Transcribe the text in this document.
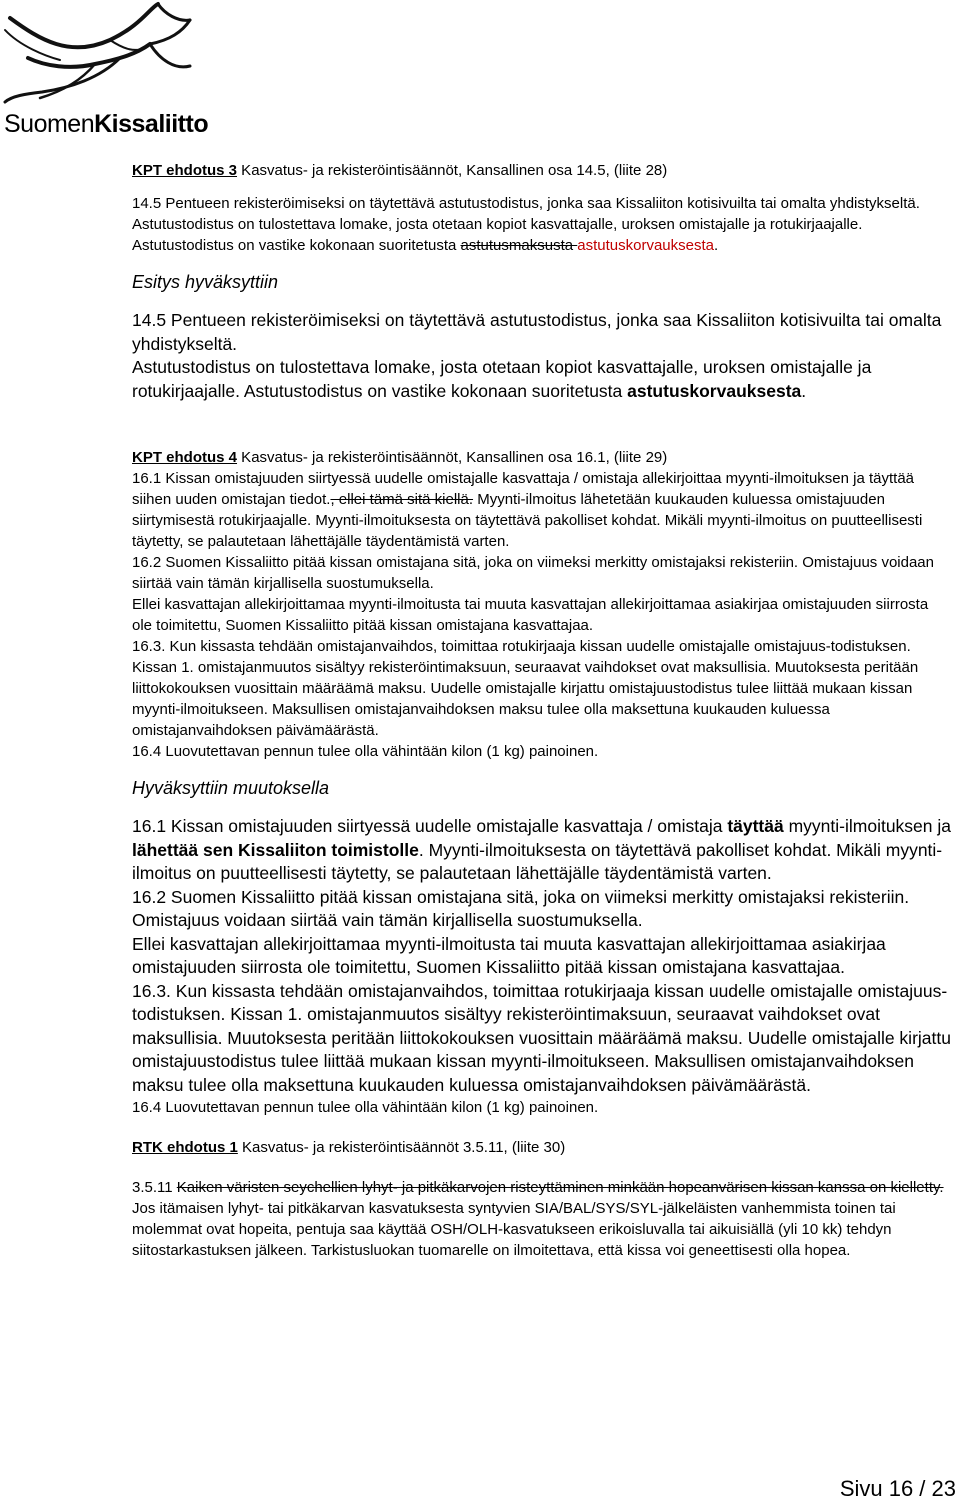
SuomenKissaliitto

KPT ehdotus 3 Kasvatus- ja rekisteröintisäännöt, Kansallinen osa 14.5, (liite 28)

14.5 Pentueen rekisteröimiseksi on täytettävä astutustodistus, jonka saa Kissaliiton kotisivuilta tai omalta yhdistykseltä.

Astutustodistus on tulostettava lomake, josta otetaan kopiot kasvattajalle, uroksen omistajalle ja rotukirjaajalle. Astutustodistus on vastike kokonaan suoritetusta astutusmaksusta astutuskorvauksesta.

Esitys hyväksyttiin

14.5 Pentueen rekisteröimiseksi on täytettävä astutustodistus, jonka saa Kissaliiton kotisivuilta tai omalta yhdistykseltä.

Astutustodistus on tulostettava lomake, josta otetaan kopiot kasvattajalle, uroksen omistajalle ja rotukirjaajalle. Astutustodistus on vastike kokonaan suoritetusta astutuskorvauksesta.

KPT ehdotus 4 Kasvatus- ja rekisteröintisäännöt, Kansallinen osa 16.1, (liite 29)

16.1 Kissan omistajuuden siirtyessä uudelle omistajalle kasvattaja / omistaja allekirjoittaa myynti-ilmoituksen ja täyttää siihen uuden omistajan tiedot., ellei tämä sitä kiellä. Myynti-ilmoitus lähetetään kuukauden kuluessa omistajuuden siirtymisestä rotukirjaajalle. Myynti-ilmoituksesta on täytettävä pakolliset kohdat. Mikäli myynti-ilmoitus on puutteellisesti täytetty, se palautetaan lähettäjälle täydentämistä varten.

16.2 Suomen Kissaliitto pitää kissan omistajana sitä, joka on viimeksi merkitty omistajaksi rekisteriin. Omistajuus voidaan siirtää vain tämän kirjallisella suostumuksella.

Ellei kasvattajan allekirjoittamaa myynti-ilmoitusta tai muuta kasvattajan allekirjoittamaa asiakirjaa omistajuuden siirrosta ole toimitettu, Suomen Kissaliitto pitää kissan omistajana kasvattajaa.

16.3. Kun kissasta tehdään omistajanvaihdos, toimittaa rotukirjaaja kissan uudelle omistajalle omistajuus-todistuksen. Kissan 1. omistajanmuutos sisältyy rekisteröintimaksuun, seuraavat vaihdokset ovat maksullisia. Muutoksesta peritään liittokokouksen vuosittain määräämä maksu. Uudelle omistajalle kirjattu omistajuustodistus tulee liittää mukaan kissan myynti-ilmoitukseen. Maksullisen omistajanvaihdoksen maksu tulee olla maksettuna kuukauden kuluessa omistajanvaihdoksen päivämäärästä.

16.4 Luovutettavan pennun tulee olla vähintään kilon (1 kg) painoinen.

Hyväksyttiin muutoksella

16.1 Kissan omistajuuden siirtyessä uudelle omistajalle kasvattaja / omistaja täyttää myynti-ilmoituksen ja lähettää sen Kissaliiton toimistolle. Myynti-ilmoituksesta on täytettävä pakolliset kohdat. Mikäli myynti-ilmoitus on puutteellisesti täytetty, se palautetaan lähettäjälle täydentämistä varten.

16.2 Suomen Kissaliitto pitää kissan omistajana sitä, joka on viimeksi merkitty omistajaksi rekisteriin. Omistajuus voidaan siirtää vain tämän kirjallisella suostumuksella.

Ellei kasvattajan allekirjoittamaa myynti-ilmoitusta tai muuta kasvattajan allekirjoittamaa asiakirjaa omistajuuden siirrosta ole toimitettu, Suomen Kissaliitto pitää kissan omistajana kasvattajaa.

16.3. Kun kissasta tehdään omistajanvaihdos, toimittaa rotukirjaaja kissan uudelle omistajalle omistajuus-todistuksen. Kissan 1. omistajanmuutos sisältyy rekisteröintimaksuun, seuraavat vaihdokset ovat maksullisia. Muutoksesta peritään liittokokouksen vuosittain määräämä maksu. Uudelle omistajalle kirjattu omistajuustodistus tulee liittää mukaan kissan myynti-ilmoitukseen. Maksullisen omistajanvaihdoksen maksu tulee olla maksettuna kuukauden kuluessa omistajanvaihdoksen päivämäärästä.

16.4 Luovutettavan pennun tulee olla vähintään kilon (1 kg) painoinen.

RTK ehdotus 1 Kasvatus- ja rekisteröintisäännöt 3.5.11, (liite 30)

3.5.11 Kaiken väristen seychellien lyhyt- ja pitkäkarvojen risteyttäminen minkään hopeanvärisen kissan kanssa on kielletty.

Jos itämaisen lyhyt- tai pitkäkarvan kasvatuksesta syntyvien SIA/BAL/SYS/SYL-jälkeläisten vanhemmista toinen tai molemmat ovat hopeita, pentuja saa käyttää OSH/OLH-kasvatukseen erikoisluvalla tai aikuisiällä (yli 10 kk) tehdyn siitostarkastuksen jälkeen. Tarkistusluokan tuomarelle on ilmoitettava, että kissa voi geneettisesti olla hopea.

Sivu 16 / 23
